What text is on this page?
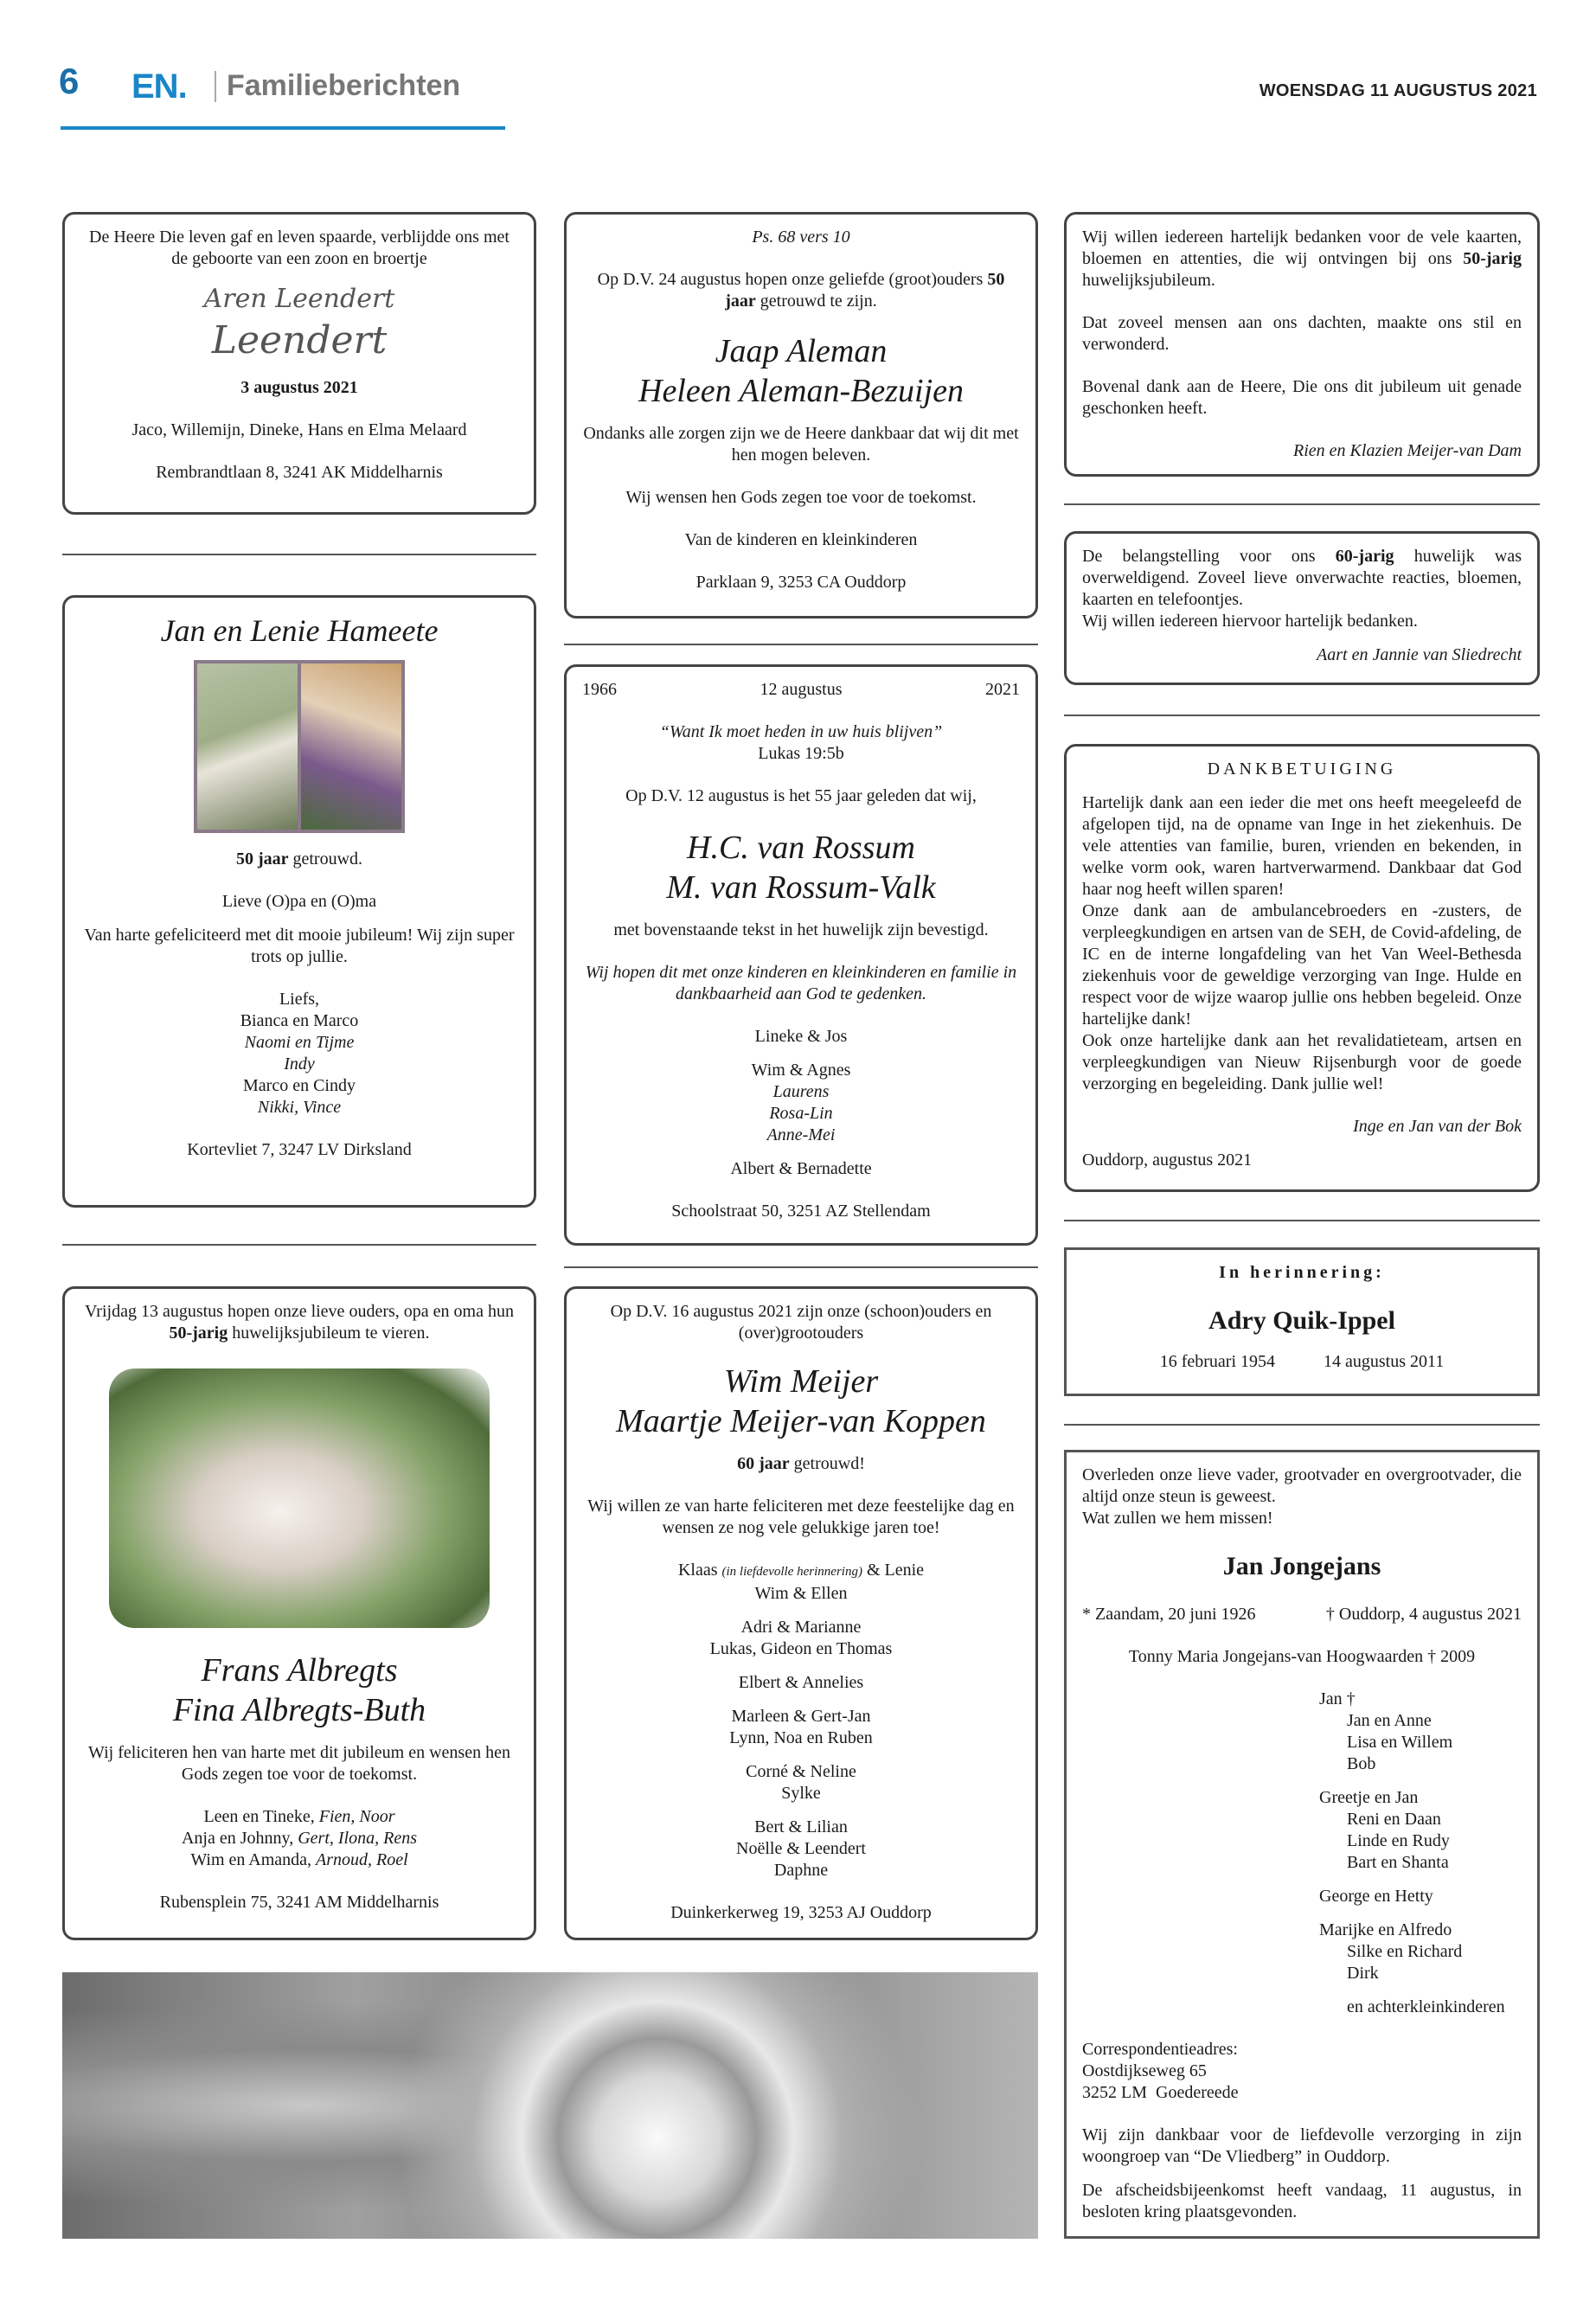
6 EN. Familieberichten	WOENSDAG 11 AUGUSTUS 2021
De Heere Die leven gaf en leven spaarde, verblijdde ons met de geboorte van een zoon en broertje
Aren Leendert
Leendert
3 augustus 2021
Jaco, Willemijn, Dineke, Hans en Elma Melaard
Rembrandtlaan 8, 3241 AK Middelharnis
Jan en Lenie Hameete
50 jaar getrouwd.
Lieve (O)pa en (O)ma
Van harte gefeliciteerd met dit mooie jubileum! Wij zijn super trots op jullie.
Liefs,
Bianca en Marco
Naomi en Tijme
Indy
Marco en Cindy
Nikki, Vince
Kortevliet 7, 3247 LV Dirksland
Vrijdag 13 augustus hopen onze lieve ouders, opa en oma hun 50-jarig huwelijksjubileum te vieren.
& Frans Albregts
Fina Albregts-Buth
Wij feliciteren hen van harte met dit jubileum en wensen hen Gods zegen toe voor de toekomst.
Leen en Tineke, Fien, Noor
Anja en Johnny, Gert, Ilona, Rens
Wim en Amanda, Arnoud, Roel
Rubensplein 75, 3241 AM Middelharnis
Ps. 68 vers 10
Op D.V. 24 augustus hopen onze geliefde (groot)ouders 50 jaar getrouwd te zijn.
& Jaap Aleman
Heleen Aleman-Bezuijen
Ondanks alle zorgen zijn we de Heere dankbaar dat wij dit met hen mogen beleven.
Wij wensen hen Gods zegen toe voor de toekomst.
Van de kinderen en kleinkinderen
Parklaan 9, 3253 CA Ouddorp
1966	12 augustus	2021
“Want Ik moet heden in uw huis blijven”
Lukas 19:5b
Op D.V. 12 augustus is het 55 jaar geleden dat wij,
& H.C. van Rossum
M. van Rossum-Valk
met bovenstaande tekst in het huwelijk zijn bevestigd.
Wij hopen dit met onze kinderen en kleinkinderen en familie in dankbaarheid aan God te gedenken.
Lineke & Jos
Wim & Agnes
Laurens
Rosa-Lin
Anne-Mei
Albert & Bernadette
Schoolstraat 50, 3251 AZ Stellendam
Op D.V. 16 augustus 2021 zijn onze (schoon)ouders en (over)grootouders
& Wim Meijer
Maartje Meijer-van Koppen
60 jaar getrouwd!
Wij willen ze van harte feliciteren met deze feestelijke dag en wensen ze nog vele gelukkige jaren toe!
Klaas (in liefdevolle herinnering) & Lenie
Wim & Ellen
Adri & Marianne
Lukas, Gideon en Thomas
Elbert & Annelies
Marleen & Gert-Jan
Lynn, Noa en Ruben
Corné & Neline
Sylke
Bert & Lilian
Noëlle & Leendert
Daphne
Duinkerkerweg 19, 3253 AJ Ouddorp
Wij willen iedereen hartelijk bedanken voor de vele kaarten, bloemen en attenties, die wij ontvingen bij ons 50-jarig huwelijksjubileum.
Dat zoveel mensen aan ons dachten, maakte ons stil en verwonderd.
Bovenal dank aan de Heere, Die ons dit jubileum uit genade geschonken heeft.
Rien en Klazien Meijer-van Dam
De belangstelling voor ons 60-jarig huwelijk was overweldigend. Zoveel lieve onverwachte reacties, bloemen, kaarten en telefoontjes.
Wij willen iedereen hiervoor hartelijk bedanken.
Aart en Jannie van Sliedrecht
DANKBETUIGING
Hartelijk dank aan een ieder die met ons heeft meegeleefd de afgelopen tijd, na de opname van Inge in het ziekenhuis. De vele attenties van familie, buren, vrienden en bekenden, in welke vorm ook, waren hartverwarmend. Dankbaar dat God haar nog heeft willen sparen!
Onze dank aan de ambulancebroeders en -zusters, de verpleegkundigen en artsen van de SEH, de Covid-afdeling, de IC en de interne longafdeling van het Van Weel-Bethesda ziekenhuis voor de geweldige verzorging van Inge. Hulde en respect voor de wijze waarop jullie ons hebben begeleid. Onze hartelijke dank!
Ook onze hartelijke dank aan het revalidatieteam, artsen en verpleegkundigen van Nieuw Rijsenburgh voor de goede verzorging en begeleiding. Dank jullie wel!
Inge en Jan van der Bok
Ouddorp, augustus 2021
In herinnering:
Adry Quik-Ippel
16 februari 1954	14 augustus 2011
Overleden onze lieve vader, grootvader en overgrootvader, die altijd onze steun is geweest.
Wat zullen we hem missen!
Jan Jongejans
* Zaandam, 20 juni 1926	† Ouddorp, 4 augustus 2021
Tonny Maria Jongejans-van Hoogwaarden † 2009
Jan †
Jan en Anne
Lisa en Willem
Bob
Greetje en Jan
Reni en Daan
Linde en Rudy
Bart en Shanta
George en Hetty
Marijke en Alfredo
Silke en Richard
Dirk
en achterkleinkinderen
Correspondentieadres:
Oostdijkseweg 65
3252 LM  Goedereede
Wij zijn dankbaar voor de liefdevolle verzorging in zijn woongroep van “De Vliedberg” in Ouddorp.
De afscheidsbijeenkomst heeft vandaag, 11 augustus, in besloten kring plaatsgevonden.
